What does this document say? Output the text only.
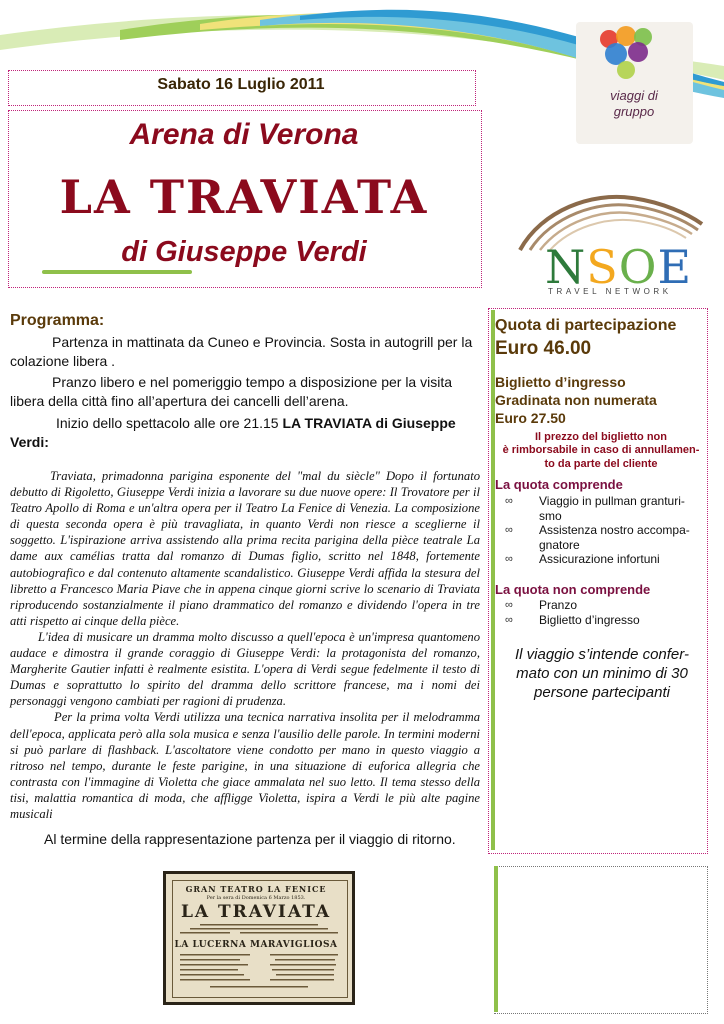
viaggi di
gruppo
Sabato 16 Luglio 2011
Arena di Verona
LA TRAVIATA
di Giuseppe Verdi	NSOE
TRAVEL NETWORK
Programma:
Partenza in mattinata da Cuneo e Provincia. Sosta in autogrill per la colazione libera .
Pranzo libero e nel pomeriggio tempo a disposizione per la visita libera della città fino all’apertura dei cancelli dell’arena.
Inizio dello spettacolo alle ore 21.15 LA TRAVIATA di Giuseppe Verdi:

Traviata, primadonna parigina esponente del "mal du siècle" Dopo il fortunato debutto di Rigoletto, Giuseppe Verdi inizia a lavorare su due nuove opere: Il Trovatore per il Teatro Apollo di Roma e un'altra opera per il Teatro La Fenice di Venezia. La composizione di questa seconda opera è più travagliata, in quanto Verdi non riesce a sceglierne il soggetto. L'ispirazione arriva assistendo alla prima recita parigina della pièce teatrale La dame aux camélias tratta dal romanzo di Dumas figlio, scritto nel 1848, fortemente autobiografico e dal contenuto altamente scandalistico. Giuseppe Verdi affida la stesura del libretto a Francesco Maria Piave che in appena cinque giorni scrive lo scenario di Traviata riproducendo sostanzialmente il piano drammatico del romanzo e dividendo l'opera in tre atti rispetto ai cinque della pièce.

L'idea di musicare un dramma molto discusso a quell'epoca è un'impresa quantomeno audace e dimostra il grande coraggio di Giuseppe Verdi: la protagonista del romanzo, Margherite Gautier infatti è realmente esistita. L'opera di Verdi segue fedelmente il testo di Dumas e soprattutto lo spirito del dramma dello scrittore francese, ma i nomi dei personaggi vengono cambiati per ragioni di prudenza.

Per la prima volta Verdi utilizza una tecnica narrativa insolita per il melodramma dell'epoca, applicata però alla sola musica e senza l'ausilio delle parole. In termini moderni si può parlare di flashback. L'ascoltatore viene condotto per mano in questo viaggio a ritroso nel tempo, durante le feste parigine, in una situazione di euforica allegria che contrasta con l'immagine di Violetta che giace ammalata nel suo letto. Il tema stesso della tisi, malattia romantica di moda, che affligge Violetta, ispira a Verdi le più alte pagine musicali

Al termine della rappresentazione partenza per il viaggio di ritorno.
Quota di partecipazione
Euro 46.00
Biglietto d’ingresso
Gradinata non numerata
Euro 27.50
Il prezzo del biglietto non
è rimborsabile in caso di annullamen-
to da parte del cliente
La quota comprende
∞ Viaggio in pullman granturi-
smo
∞ Assistenza nostro accompa-
gnatore
∞ Assicurazione infortuni
La quota non comprende
∞ Pranzo
∞ Biglietto d’ingresso
Il viaggio s’intende confer-
mato con un minimo di 30
persone partecipanti
GRAN TEATRO LA FENICE
Per la sera di Domenica 6 Marzo 1853.
LA TRAVIATA
LA LUCERNA MARAVIGLIOSA
